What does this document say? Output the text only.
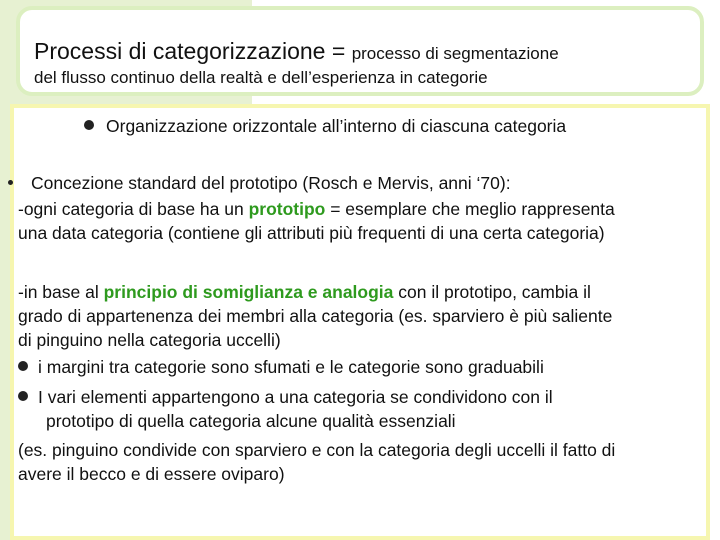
Processi di categorizzazione = processo di segmentazione
del flusso continuo della realtà e dell’esperienza in categorie
Organizzazione orizzontale all’interno di ciascuna categoria
Concezione standard del prototipo (Rosch e Mervis, anni ‘70):
-ogni categoria di base ha un prototipo = esemplare che meglio rappresenta
una data categoria (contiene gli attributi più frequenti di una certa categoria)
-in base al principio di somiglianza e analogia con il prototipo, cambia il
grado di appartenenza dei membri alla categoria (es. sparviero è più saliente
di pinguino nella categoria uccelli)
i margini tra categorie sono sfumati e le categorie sono graduabili
I vari elementi appartengono a una categoria se condividono con il
prototipo di quella categoria alcune qualità essenziali
(es. pinguino condivide con sparviero e con la categoria degli uccelli il fatto di
avere il becco e di essere oviparo)
